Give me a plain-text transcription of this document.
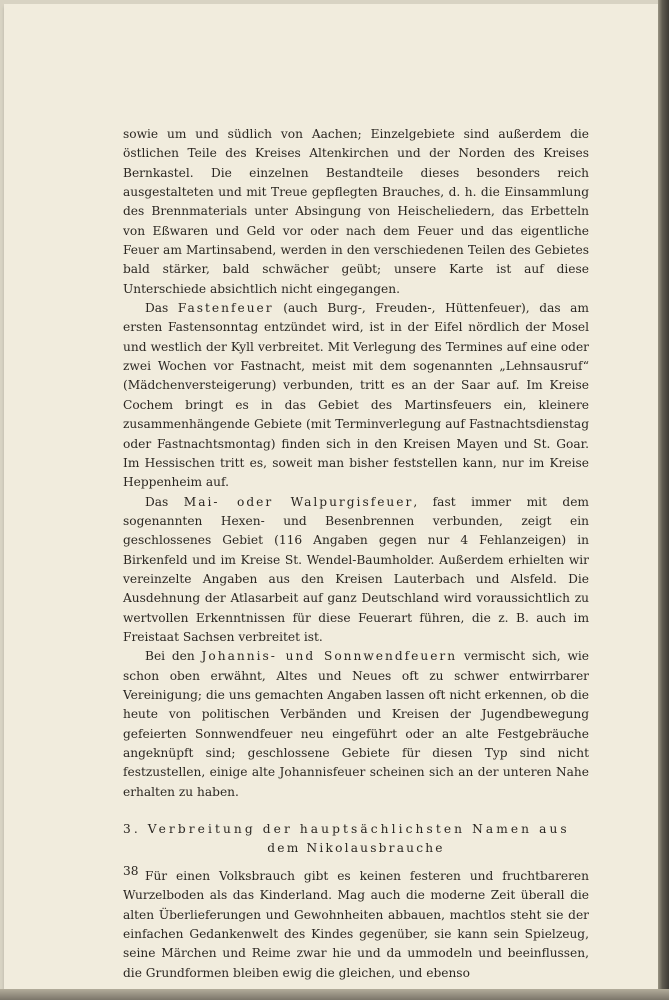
sowie um und südlich von Aachen; Einzelgebiete sind außerdem die östlichen Teile des Kreises Altenkirchen und der Norden des Kreises Bernkastel. Die einzelnen Bestandteile dieses besonders reich ausgestalteten und mit Treue gepflegten Brauches, d. h. die Einsammlung des Brennmaterials unter Absingung von Heischeliedern, das Erbetteln von Eßwaren und Geld vor oder nach dem Feuer und das eigentliche Feuer am Martinsabend, werden in den verschiedenen Teilen des Gebietes bald stärker, bald schwächer geübt; unsere Karte ist auf diese Unterschiede absichtlich nicht eingegangen.

Das Fastenfeuer (auch Burg-, Freuden-, Hüttenfeuer), das am ersten Fastensonntag entzündet wird, ist in der Eifel nördlich der Mosel und westlich der Kyll verbreitet. Mit Verlegung des Termines auf eine oder zwei Wochen vor Fastnacht, meist mit dem sogenannten „Lehnsausruf“ (Mädchenversteigerung) verbunden, tritt es an der Saar auf. Im Kreise Cochem bringt es in das Gebiet des Martinsfeuers ein, kleinere zusammenhängende Gebiete (mit Terminverlegung auf Fastnachtsdienstag oder Fastnachtsmontag) finden sich in den Kreisen Mayen und St. Goar. Im Hessischen tritt es, soweit man bisher feststellen kann, nur im Kreise Heppenheim auf.

Das Mai- oder Walpurgisfeuer, fast immer mit dem sogenannten Hexen- und Besenbrennen verbunden, zeigt ein geschlossenes Gebiet (116 Angaben gegen nur 4 Fehlanzeigen) in Birkenfeld und im Kreise St. Wendel-Baumholder. Außerdem erhielten wir vereinzelte Angaben aus den Kreisen Lauterbach und Alsfeld. Die Ausdehnung der Atlasarbeit auf ganz Deutschland wird voraussichtlich zu wertvollen Erkenntnissen für diese Feuerart führen, die z. B. auch im Freistaat Sachsen verbreitet ist.

Bei den Johannis- und Sonnwendfeuern vermischt sich, wie schon oben erwähnt, Altes und Neues oft zu schwer entwirrbarer Vereinigung; die uns gemachten Angaben lassen oft nicht erkennen, ob die heute von politischen Verbänden und Kreisen der Jugendbewegung gefeierten Sonnwendfeuer neu eingeführt oder an alte Festgebräuche angeknüpft sind; geschlossene Gebiete für diesen Typ sind nicht festzustellen, einige alte Johannisfeuer scheinen sich an der unteren Nahe erhalten zu haben.

3. Verbreitung der hauptsächlichsten Namen aus
dem Nikolausbrauche

Für einen Volksbrauch gibt es keinen festeren und fruchtbareren Wurzelboden als das Kinderland. Mag auch die moderne Zeit überall die alten Überlieferungen und Gewohnheiten abbauen, machtlos steht sie der einfachen Gedankenwelt des Kindes gegenüber, sie kann sein Spielzeug, seine Märchen und Reime zwar hie und da ummodeln und beeinflussen, die Grundformen bleiben ewig die gleichen, und ebenso

38
